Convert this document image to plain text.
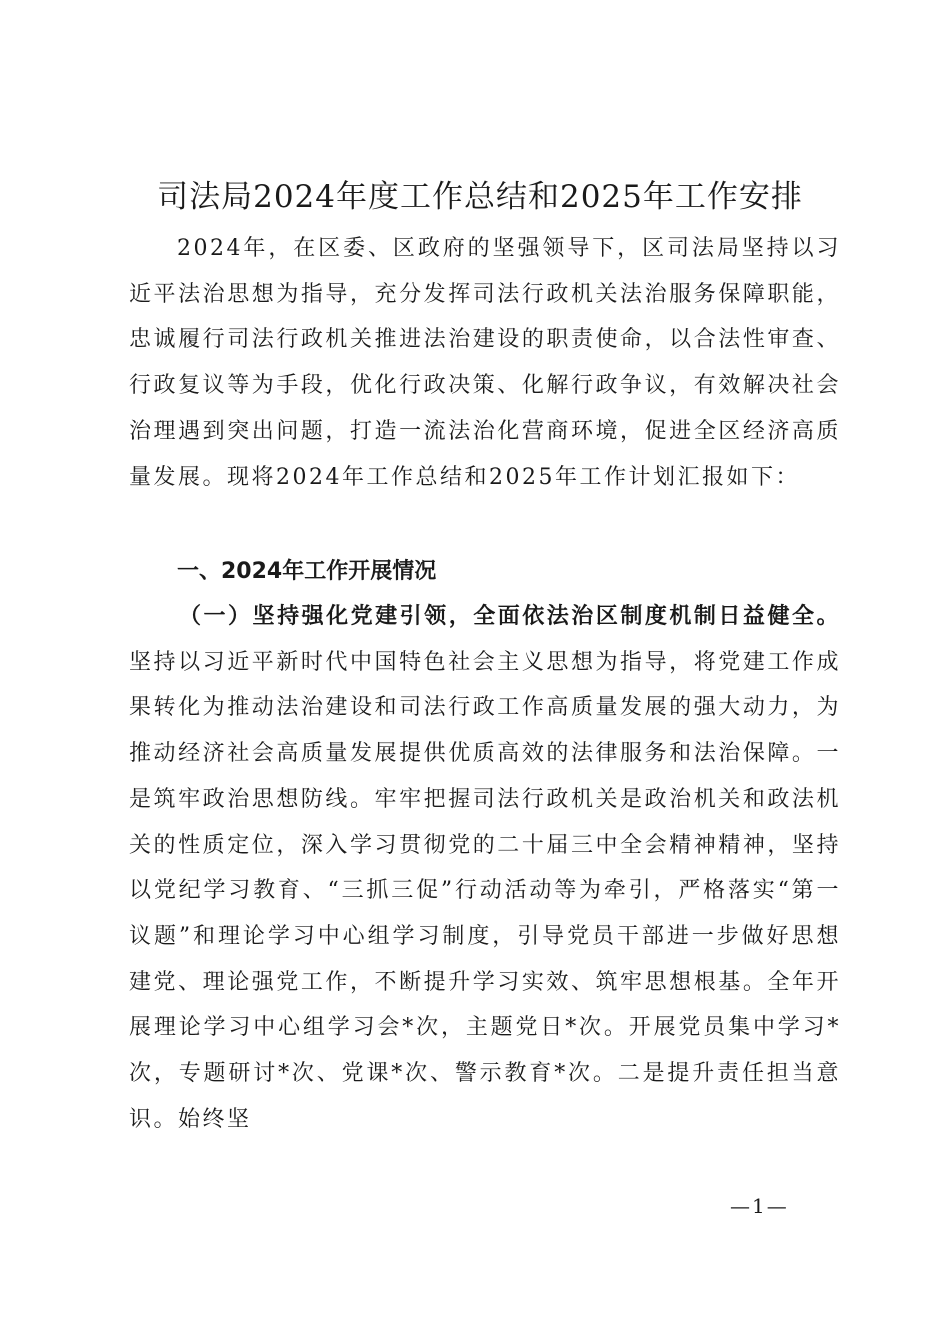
司法局2024年度工作总结和2025年工作安排

2024年，在区委、区政府的坚强领导下，区司法局坚持以习近平法治思想为指导，充分发挥司法行政机关法治服务保障职能，忠诚履行司法行政机关推进法治建设的职责使命，以合法性审查、行政复议等为手段，优化行政决策、化解行政争议，有效解决社会治理遇到突出问题，打造一流法治化营商环境，促进全区经济高质量发展。现将2024年工作总结和2025年工作计划汇报如下：

一、2024年工作开展情况

（一）坚持强化党建引领，全面依法治区制度机制日益健全。坚持以习近平新时代中国特色社会主义思想为指导，将党建工作成果转化为推动法治建设和司法行政工作高质量发展的强大动力，为推动经济社会高质量发展提供优质高效的法律服务和法治保障。一是筑牢政治思想防线。牢牢把握司法行政机关是政治机关和政法机关的性质定位，深入学习贯彻党的二十届三中全会精神精神，坚持以党纪学习教育、“三抓三促”行动活动等为牵引，严格落实“第一议题”和理论学习中心组学习制度，引导党员干部进一步做好思想建党、理论强党工作，不断提升学习实效、筑牢思想根基。全年开展理论学习中心组学习会*次，主题党日*次。开展党员集中学习*次，专题研讨*次、党课*次、警示教育*次。二是提升责任担当意识。始终坚

—1—
